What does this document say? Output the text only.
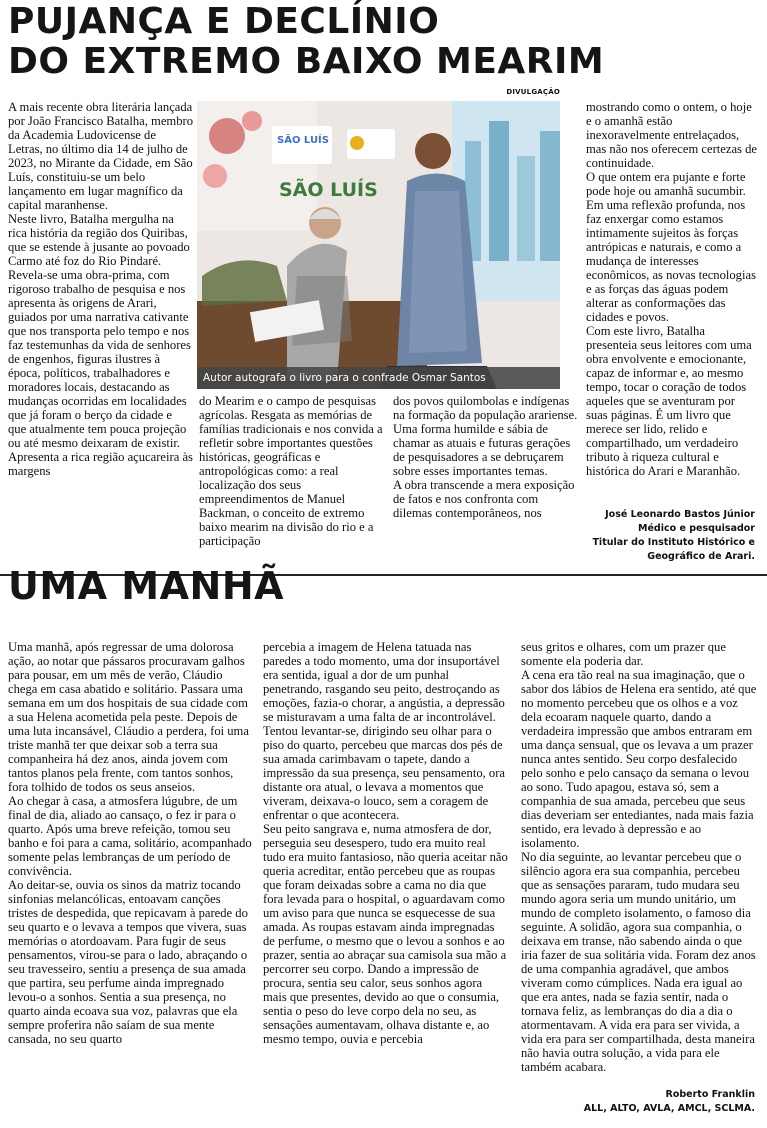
PUJANÇA E DECLÍNIO
DO EXTREMO BAIXO MEARIM
DIVULGAÇÃO

A mais recente obra literária lançada por João Francisco Batalha, membro da Academia Ludovicense de Letras, no último dia 14 de julho de 2023, no Mirante da Cidade, em São Luís, constituiu-se um belo lançamento em lugar magnífico da capital maranhense.

Neste livro, Batalha mergulha na rica história da região dos Quiribas, que se estende à jusante ao povoado Carmo até foz do Rio Pindaré. Revela-se uma obra-prima, com rigoroso trabalho de pesquisa e nos apresenta às origens de Arari, guiados por uma narrativa cativante que nos transporta pelo tempo e nos faz testemunhas da vida de senhores de engenhos, figuras ilustres à época, políticos, trabalhadores e moradores locais, destacando as mudanças ocorridas em localidades que já foram o berço da cidade e que atualmente tem pouca projeção ou até mesmo deixaram de existir.

Apresenta a rica região açucareira às margens

SÃO LUÍS
SÃO LUÍS
Autor autografa o livro para o confrade Osmar Santos

do Mearim e o campo de pesquisas agrícolas. Resgata as memórias de famílias tradicionais e nos convida a refletir sobre importantes questões históricas, geográficas e antropológicas como: a real localização dos seus empreendimentos de Manuel Backman, o conceito de extremo baixo mearim na divisão do rio e a participação

dos povos quilombolas e indígenas na formação da população arariense. Uma forma humilde e sábia de chamar as atuais e futuras gerações de pesquisadores a se debruçarem sobre esses importantes temas.

A obra transcende a mera exposição de fatos e nos confronta com dilemas contemporâneos, nos

mostrando como o ontem, o hoje e o amanhã estão inexoravelmente entrelaçados, mas não nos oferecem certezas de continuidade.

O que ontem era pujante e forte pode hoje ou amanhã sucumbir. Em uma reflexão profunda, nos faz enxergar como estamos intimamente sujeitos às forças antrópicas e naturais, e como a mudança de interesses econômicos, as novas tecnologias e as forças das águas podem alterar as conformações das cidades e povos.

Com este livro, Batalha presenteia seus leitores com uma obra envolvente e emocionante, capaz de informar e, ao mesmo tempo, tocar o coração de todos aqueles que se aventuram por suas páginas. É um livro que merece ser lido, relido e compartilhado, um verdadeiro tributo à riqueza cultural e histórica do Arari e Maranhão.

José Leonardo Bastos Júnior
Médico e pesquisador
Titular do Instituto Histórico e
Geográfico de Arari.
UMA MANHÃ

Uma manhã, após regressar de uma dolorosa ação, ao notar que pássaros procuravam galhos para pousar, em um mês de verão, Cláudio chega em casa abatido e solitário. Passara uma semana em um dos hospitais de sua cidade com a sua Helena acometida pela peste. Depois de uma luta incansável, Cláudio a perdera, foi uma triste manhã ter que deixar sob a terra sua companheira há dez anos, ainda jovem com tantos planos pela frente, com tantos sonhos, fora tolhido de todos os seus anseios.

Ao chegar à casa, a atmosfera lúgubre, de um final de dia, aliado ao cansaço, o fez ir para o quarto. Após uma breve refeição, tomou seu banho e foi para a cama, solitário, acompanhado somente pelas lembranças de um período de convivência.

Ao deitar-se, ouvia os sinos da matriz tocando sinfonias melancólicas, entoavam canções tristes de despedida, que repicavam à parede do seu quarto e o levava a tempos que vivera, suas memórias o atordoavam. Para fugir de seus pensamentos, virou-se para o lado, abraçando o seu travesseiro, sentiu a presença de sua amada que partira, seu perfume ainda impregnado levou-o a sonhos. Sentia a sua presença, no quarto ainda ecoava sua voz, palavras que ela sempre proferira não saíam de sua mente cansada, no seu quarto

percebia a imagem de Helena tatuada nas paredes a todo momento, uma dor insuportável era sentida, igual a dor de um punhal penetrando, rasgando seu peito, destroçando as emoções, fazia-o chorar, a angústia, a depressão se misturavam a uma falta de ar incontrolável.

Tentou levantar-se, dirigindo seu olhar para o piso do quarto, percebeu que marcas dos pés de sua amada carimbavam o tapete, dando a impressão da sua presença, seu pensamento, ora distante ora atual, o levava a momentos que viveram, deixava-o louco, sem a coragem de enfrentar o que acontecera.

Seu peito sangrava e, numa atmosfera de dor, perseguia seu desespero, tudo era muito real tudo era muito fantasioso, não queria aceitar não queria acreditar, então percebeu que as roupas que foram deixadas sobre a cama no dia que fora levada para o hospital, o aguardavam como um aviso para que nunca se esquecesse de sua amada. As roupas estavam ainda impregnadas de perfume, o mesmo que o levou a sonhos e ao prazer, sentia ao abraçar sua camisola sua mão a percorrer seu corpo. Dando a impressão de procura, sentia seu calor, seus sonhos agora mais que presentes, devido ao que o consumia, sentia o peso do leve corpo dela no seu, as sensações aumentavam, olhava distante e, ao mesmo tempo, ouvia e percebia

seus gritos e olhares, com um prazer que somente ela poderia dar.

A cena era tão real na sua imaginação, que o sabor dos lábios de Helena era sentido, até que no momento percebeu que os olhos e a voz dela ecoaram naquele quarto, dando a verdadeira impressão que ambos entraram em uma dança sensual, que os levava a um prazer nunca antes sentido. Seu corpo desfalecido pelo sonho e pelo cansaço da semana o levou ao sono. Tudo apagou, estava só, sem a companhia de sua amada, percebeu que seus dias deveriam ser entediantes, nada mais fazia sentido, era levado à depressão e ao isolamento.

No dia seguinte, ao levantar percebeu que o silêncio agora era sua companhia, percebeu que as sensações pararam, tudo mudara seu mundo agora seria um mundo unitário, um mundo de completo isolamento, o famoso dia seguinte. A solidão, agora sua companhia, o deixava em transe, não sabendo ainda o que iria fazer de sua solitária vida. Foram dez anos de uma companhia agradável, que ambos viveram como cúmplices. Nada era igual ao que era antes, nada se fazia sentir, nada o tornava feliz, as lembranças do dia a dia o atormentavam. A vida era para ser vivida, a vida era para ser compartilhada, desta maneira não havia outra solução, a vida para ele também acabara.

Roberto Franklin
ALL, ALTO, AVLA, AMCL, SCLMA.
